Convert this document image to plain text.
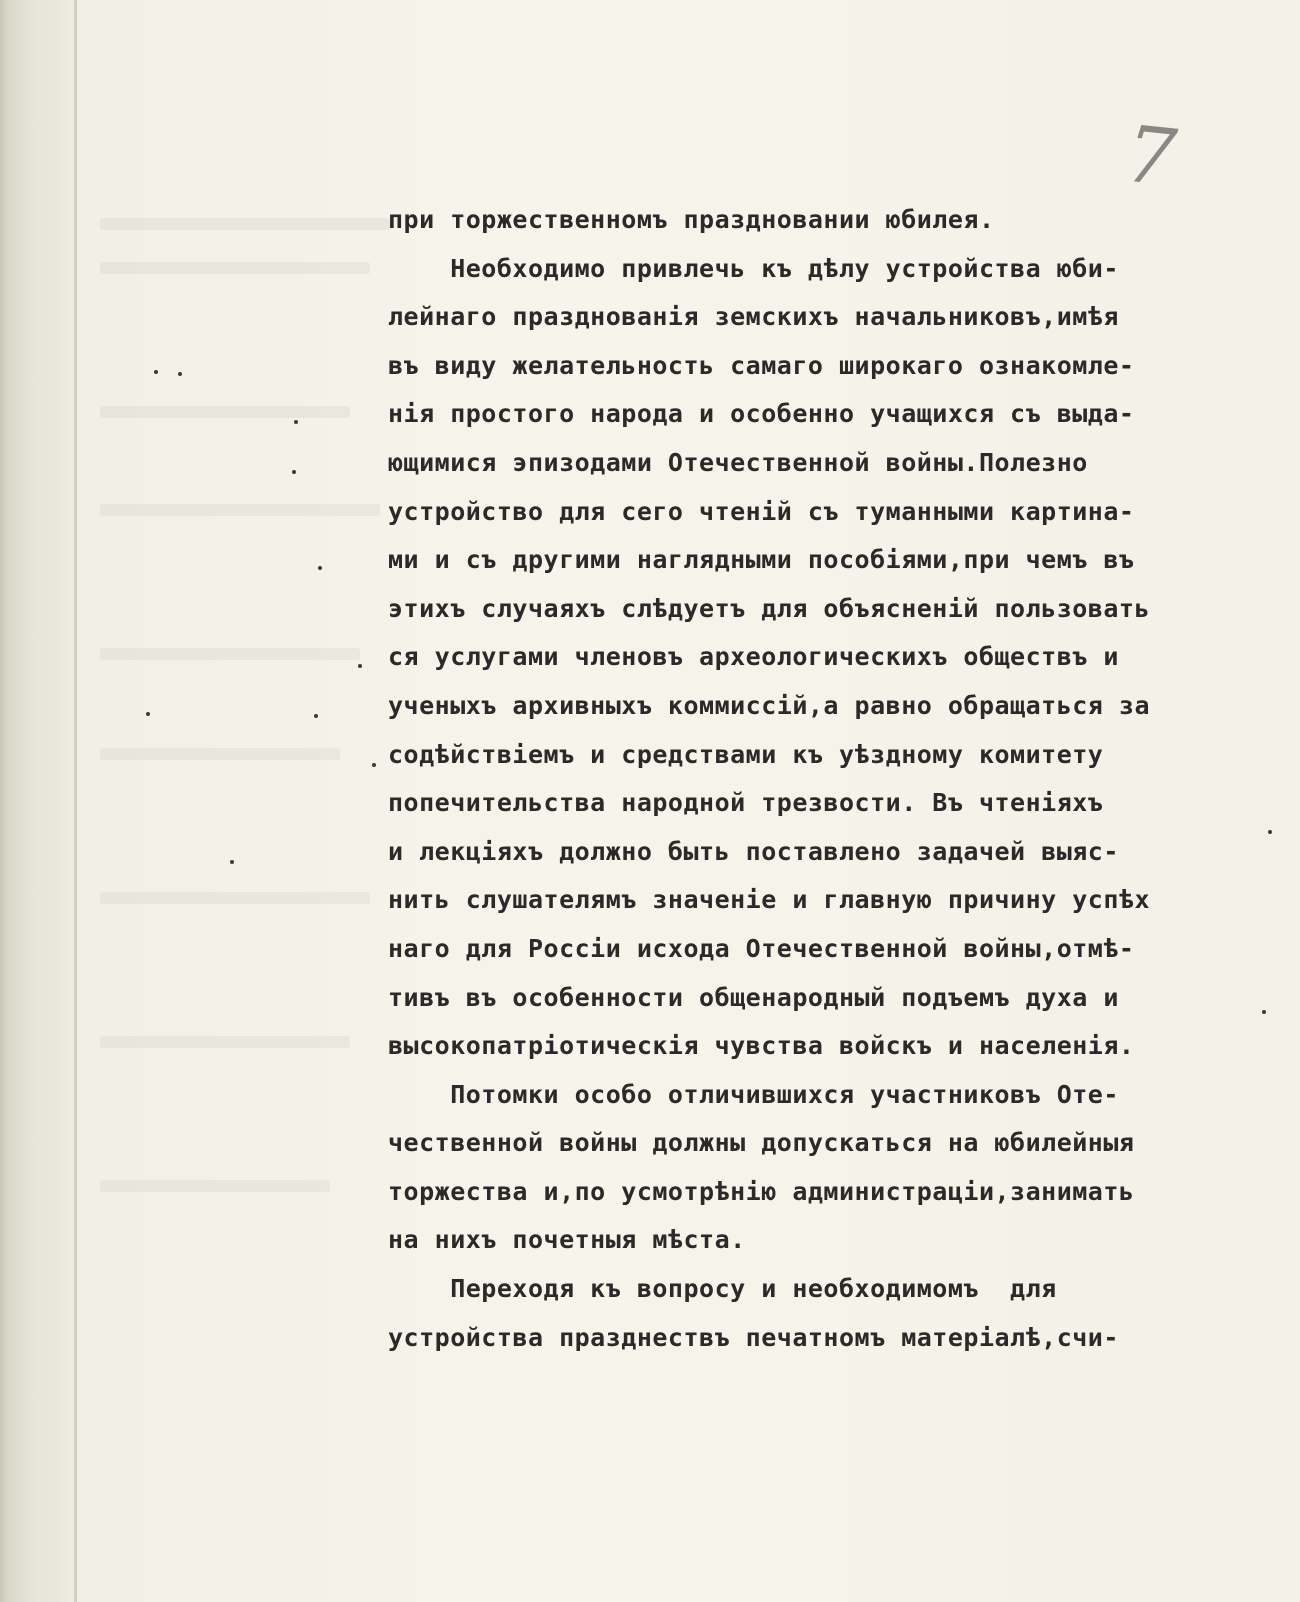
7
при торжественномъ праздновании юбилея.
Необходимо привлечь къ дѣлу устройства юби-
лейнаго празднованія земскихъ начальниковъ,имѣя
въ виду желательность самаго широкаго ознакомле-
нія простого народа и особенно учащихся съ выда-
ющимися эпизодами Отечественной войны.Полезно
устройство для сего чтеній съ туманными картина-
ми и съ другими наглядными пособіями,при чемъ въ
этихъ случаяхъ слѣдуетъ для объясненій пользовать
ся услугами членовъ археологическихъ обществъ и
ученыхъ архивныхъ коммиссій,а равно обращаться за
содѣйствіемъ и средствами къ уѣздному комитету
попечительства народной трезвости. Въ чтеніяхъ
и лекціяхъ должно быть поставлено задачей выяс-
нить слушателямъ значеніе и главную причину успѣх
наго для Россіи исхода Отечественной войны,отмѣ-
тивъ въ особенности общенародный подъемъ духа и
высокопатріотическія чувства войскъ и населенія.
Потомки особо отличившихся участниковъ Оте-
чественной войны должны допускаться на юбилейныя
торжества и,по усмотрѣнію администраціи,занимать
на нихъ почетныя мѣста.
Переходя къ вопросу и необходимомъ  для
устройства празднествъ печатномъ матеріалѣ,счи-
